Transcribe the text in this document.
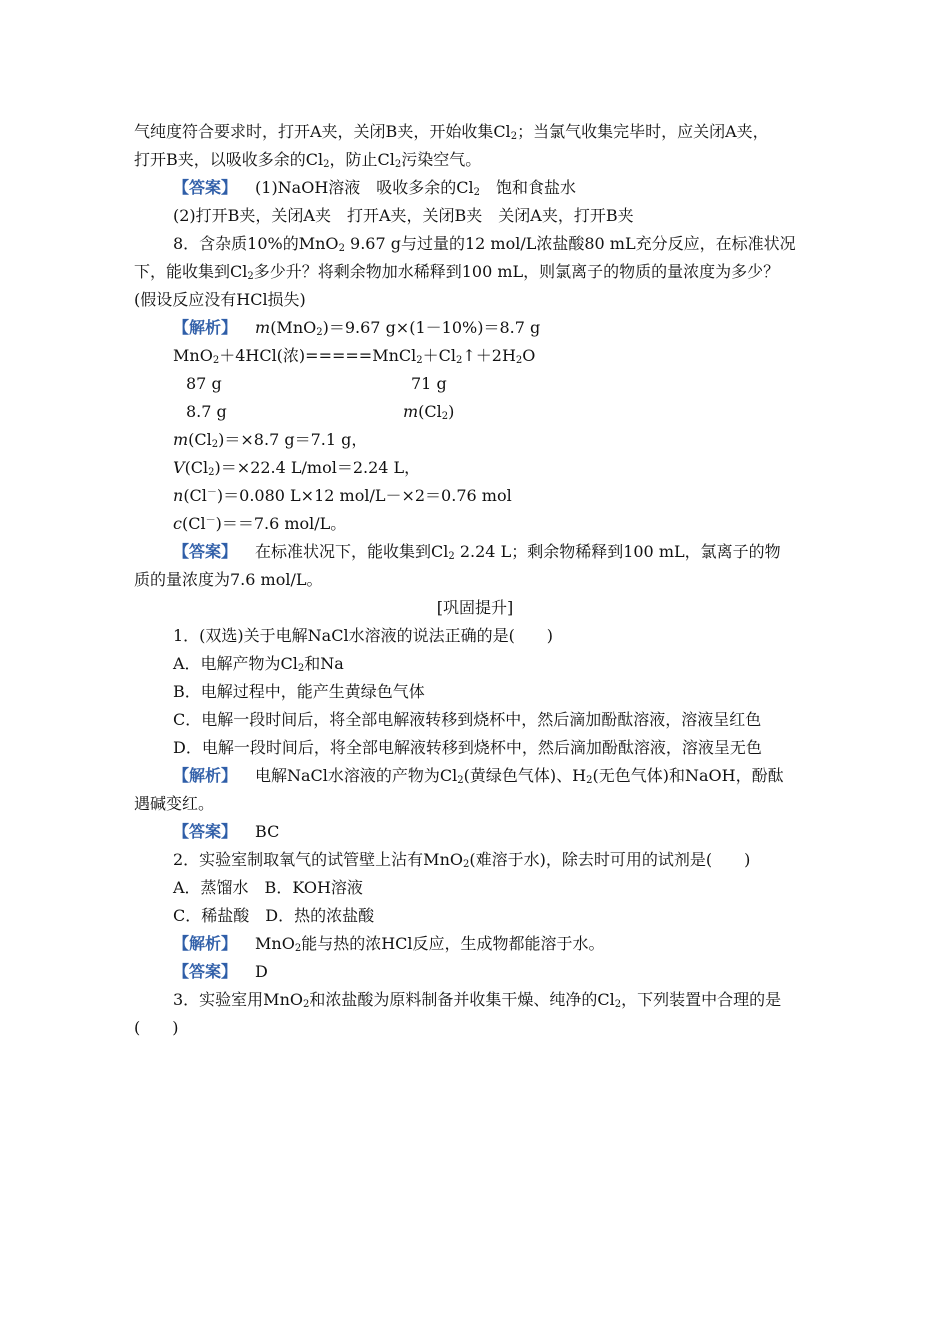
气纯度符合要求时，打开A夹，关闭B夹，开始收集$Cl_2$；当氯气收集完毕时，应关闭A夹，
打开B夹，以吸收多余的$Cl_2$，防止$Cl_2$污染空气。
【答案】 (1)NaOH溶液　吸收多余的$Cl_2$　饱和食盐水
(2)打开B夹，关闭A夹　打开A夹，关闭B夹　关闭A夹，打开B夹
8．含杂质10%的MnO$_2$ 9.67 g与过量的12 mol/L浓盐酸80 mL充分反应，在标准状况
下，能收集到$Cl_2$多少升？将剩余物加水稀释到100 mL，则氯离子的物质的量浓度为多少？
(假设反应没有HCl损失)
【解析】 m(MnO$_2$)＝9.67 g×(1－10%)＝8.7 g
MnO$_2$＋4HCl(浓)$=====MnCl_2+Cl_2↑+2H_2O$
87 g	71 g
8.7 g	$m(Cl_2)$
$m(Cl_2)=\times 8.7$ g＝7.1 g，
$V(Cl_2)=\times 22.4$ L/mol＝2.24 L，
n(Cl－)＝0.080 L×12 mol/L－×2＝0.76 mol
c(Cl－)＝＝7.6 mol/L。
【答案】 在标准状况下，能收集到$Cl_2$ 2.24 L；剩余物稀释到100 mL，氯离子的物
质的量浓度为7.6 mol/L。
[巩固提升]
1．(双选)关于电解NaCl水溶液的说法正确的是(　　)
A．电解产物为$Cl_2$和Na
B．电解过程中，能产生黄绿色气体
C．电解一段时间后，将全部电解液转移到烧杯中，然后滴加酚酞溶液，溶液呈红色
D．电解一段时间后，将全部电解液转移到烧杯中，然后滴加酚酞溶液，溶液呈无色
【解析】 电解NaCl水溶液的产物为$Cl_2$(黄绿色气体)、$H_2$(无色气体)和NaOH，酚酞
遇碱变红。
【答案】 BC
2．实验室制取氧气的试管壁上沾有MnO$_2$(难溶于水)，除去时可用的试剂是(　　)
A．蒸馏水　B．KOH溶液
C．稀盐酸　D．热的浓盐酸
【解析】 MnO$_2$能与热的浓HCl反应，生成物都能溶于水。
【答案】 D
3．实验室用MnO$_2$和浓盐酸为原料制备并收集干燥、纯净的$Cl_2$，下列装置中合理的是
(　　)
